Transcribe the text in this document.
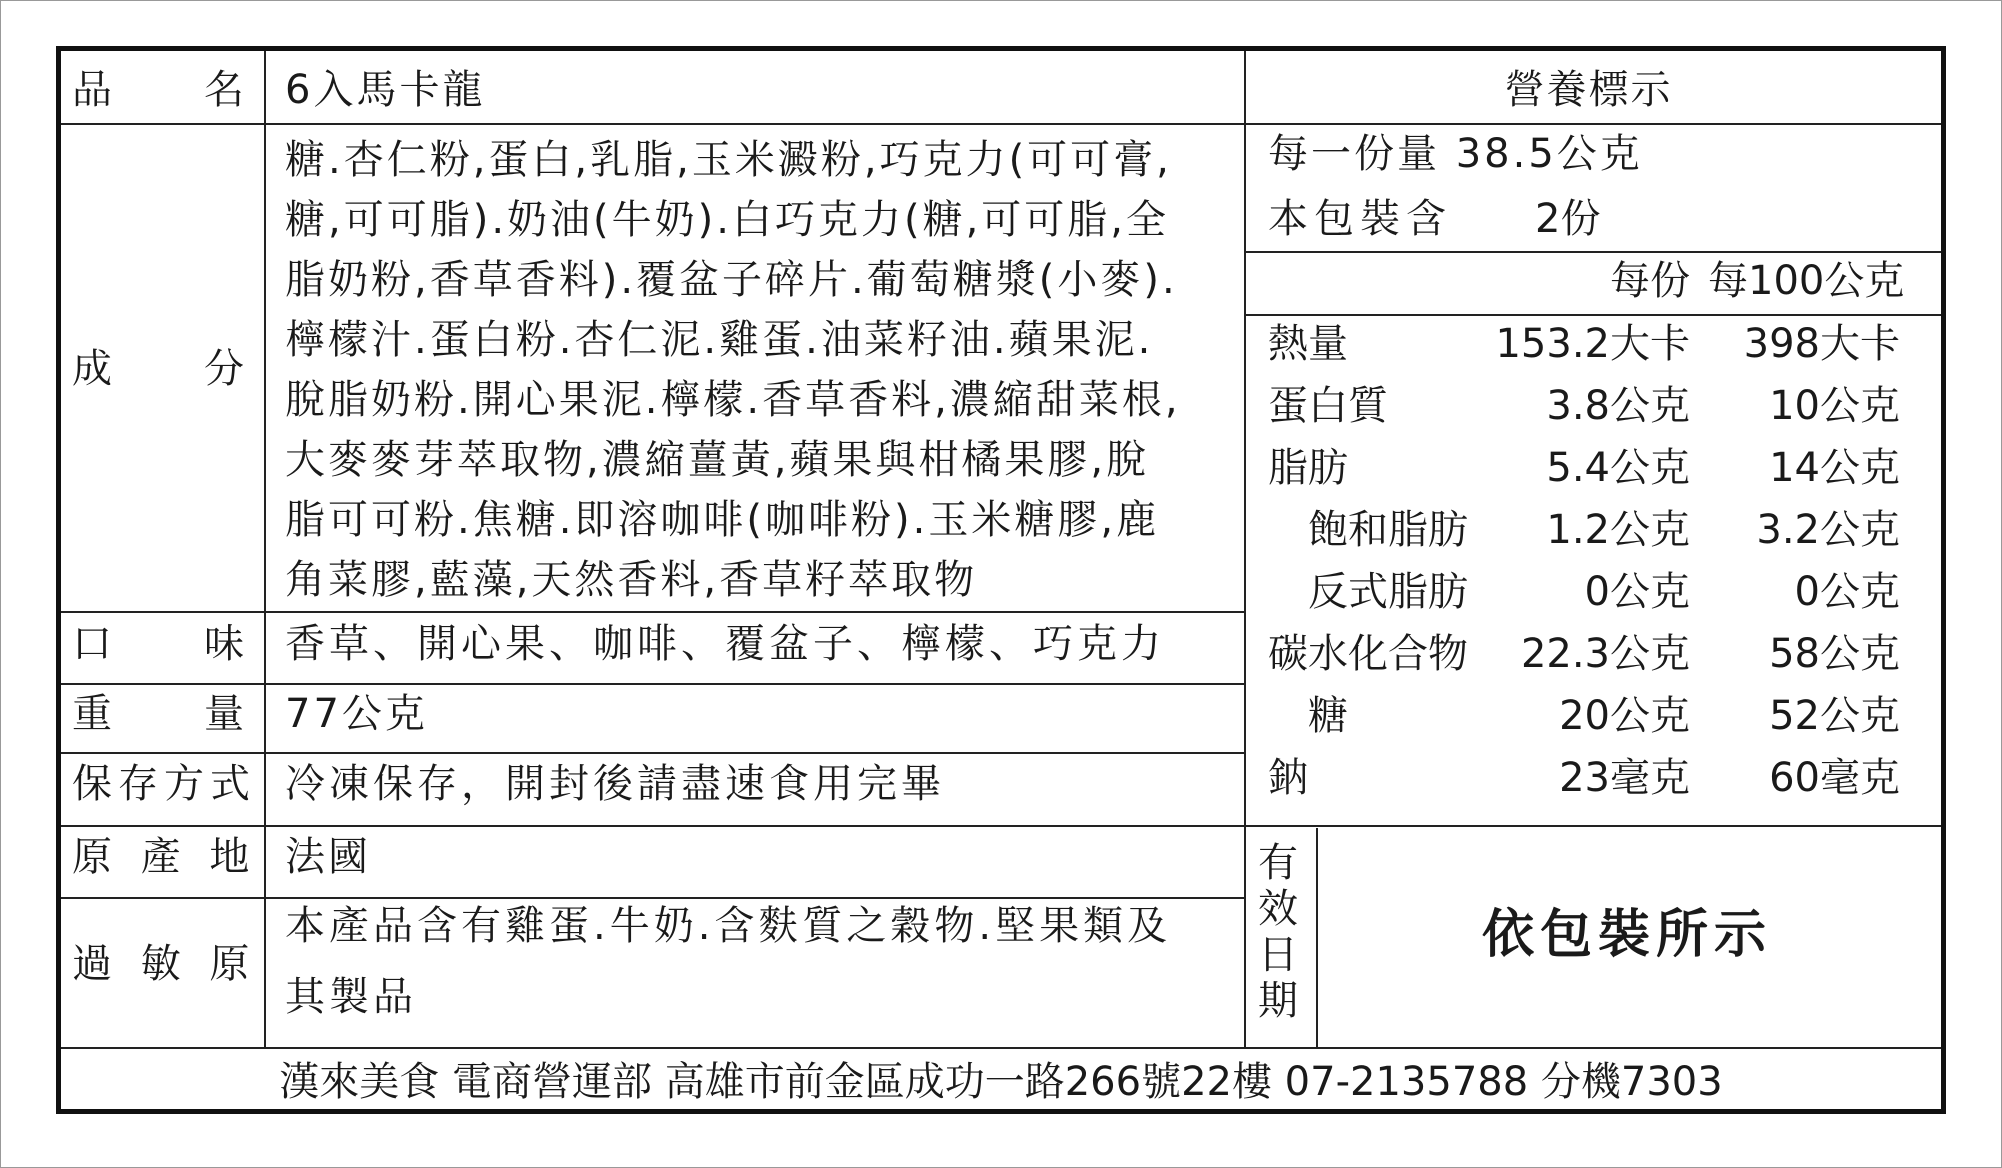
品　　名 6入馬卡龍
成　　分
糖.杏仁粉,蛋白,乳脂,玉米澱粉,巧克力(可可膏,
糖,可可脂).奶油(牛奶).白巧克力(糖,可可脂,全
脂奶粉,香草香料).覆盆子碎片.葡萄糖漿(小麥).
檸檬汁.蛋白粉.杏仁泥.雞蛋.油菜籽油.蘋果泥.
脫脂奶粉.開心果泥.檸檬.香草香料,濃縮甜菜根,
大麥麥芽萃取物,濃縮薑黃,蘋果與柑橘果膠,脫
脂可可粉.焦糖.即溶咖啡(咖啡粉).玉米糖膠,鹿
角菜膠,藍藻,天然香料,香草籽萃取物
口　　味 香草、開心果、咖啡、覆盆子、檸檬、巧克力
重　　量 77公克
保存方式 冷凍保存，開封後請盡速食用完畢
原 產 地 法國
過 敏 原
本產品含有雞蛋.牛奶.含麩質之穀物.堅果類及
其製品
營養標示
每一份量 38.5公克
本包裝含 2份
每份 每100公克
熱量	153.2大卡	398大卡
蛋白質	3.8公克	10公克
脂肪	5.4公克	14公克
飽和脂肪	1.2公克	3.2公克
反式脂肪	0公克	0公克
碳水化合物	22.3公克	58公克
糖	20公克	52公克
鈉	23毫克	60毫克
有
效
日
期
依包裝所示
漢來美食 電商營運部 高雄市前金區成功一路266號22樓 07-2135788 分機7303
